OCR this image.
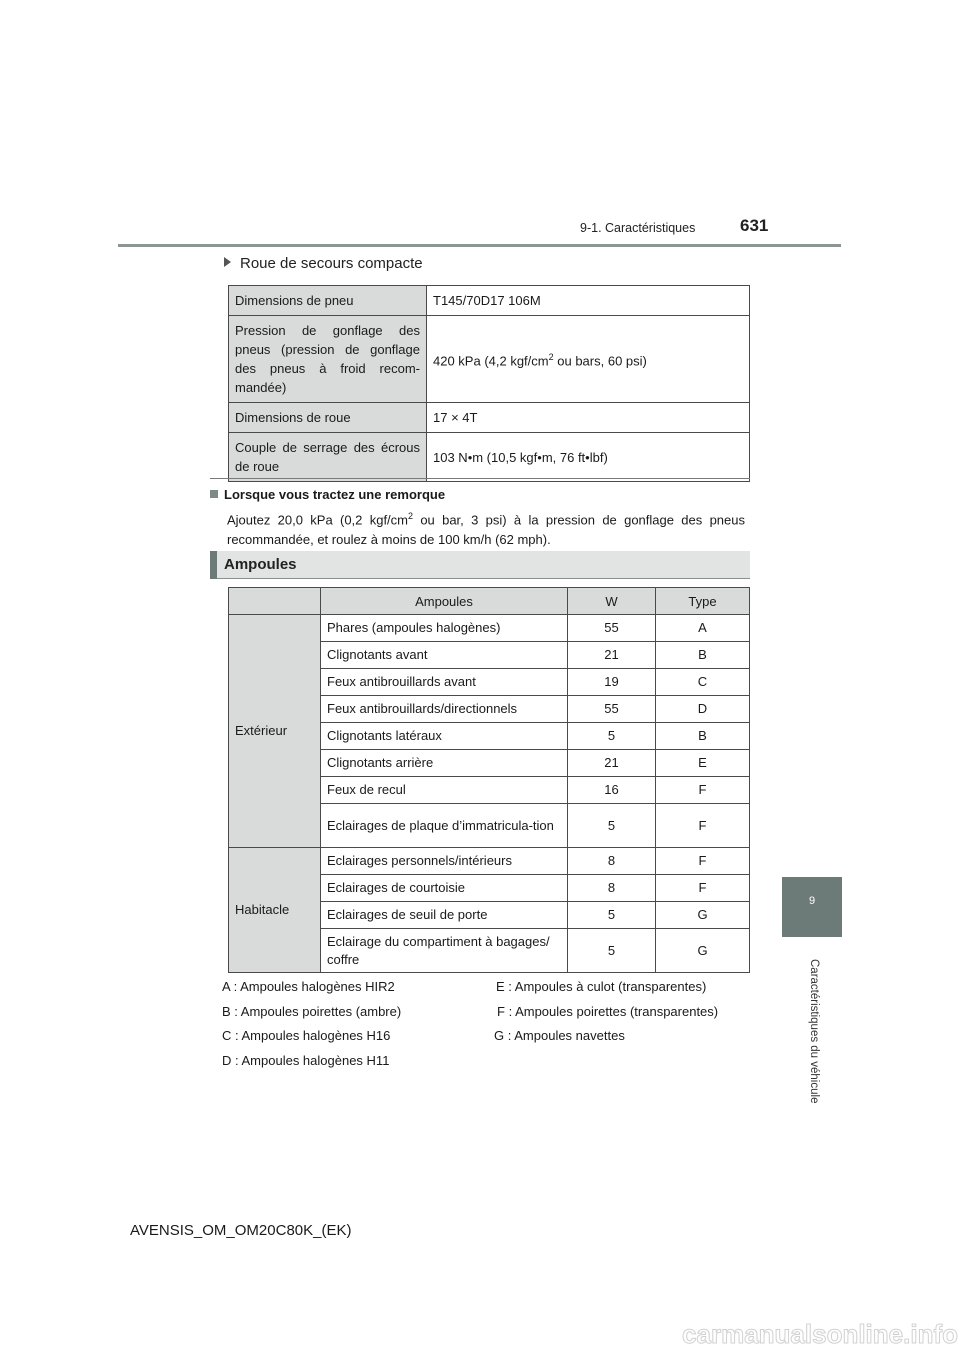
9-1. Caractéristiques	631
9
Caractéristiques du véhicule
Roue de secours compacte
Dimensions de pneu	T145/70D17 106M
Pression de gonflage des pneus (pression de gonflage des pneus à froid recom-mandée)	420 kPa (4,2 kgf/$cm^2$ ou bars, 60 psi)
Dimensions de roue	17 × 4T
Couple de serrage des écrous de roue	103 N•m (10,5 kgf•m, 76 ft•lbf)
Lorsque vous tractez une remorque
Ajoutez 20,0 kPa (0,2 kgf/$cm^2$ ou bar, 3 psi) à la pression de gonflage des pneus recommandée, et roulez à moins de 100 km/h (62 mph).
Ampoules
	Ampoules	W	Type
Extérieur	Phares (ampoules halogènes)	55	A
	Clignotants avant	21	B
	Feux antibrouillards avant	19	C
	Feux antibrouillards/directionnels	55	D
	Clignotants latéraux	5	B
	Clignotants arrière	21	E
	Feux de recul	16	F
	Eclairages de plaque d’immatricula-tion	5	F
Habitacle	Eclairages personnels/intérieurs	8	F
	Eclairages de courtoisie	8	F
	Eclairages de seuil de porte	5	G
	Eclairage du compartiment à bagages/ coffre	5	G
A : Ampoules halogènes HIR2
B : Ampoules poirettes (ambre)
C : Ampoules halogènes H16
D : Ampoules halogènes H11
E : Ampoules à culot (transparentes)
F : Ampoules poirettes (transparentes)
G : Ampoules navettes
AVENSIS_OM_OM20C80K_(EK)
carmanualsonline.info
